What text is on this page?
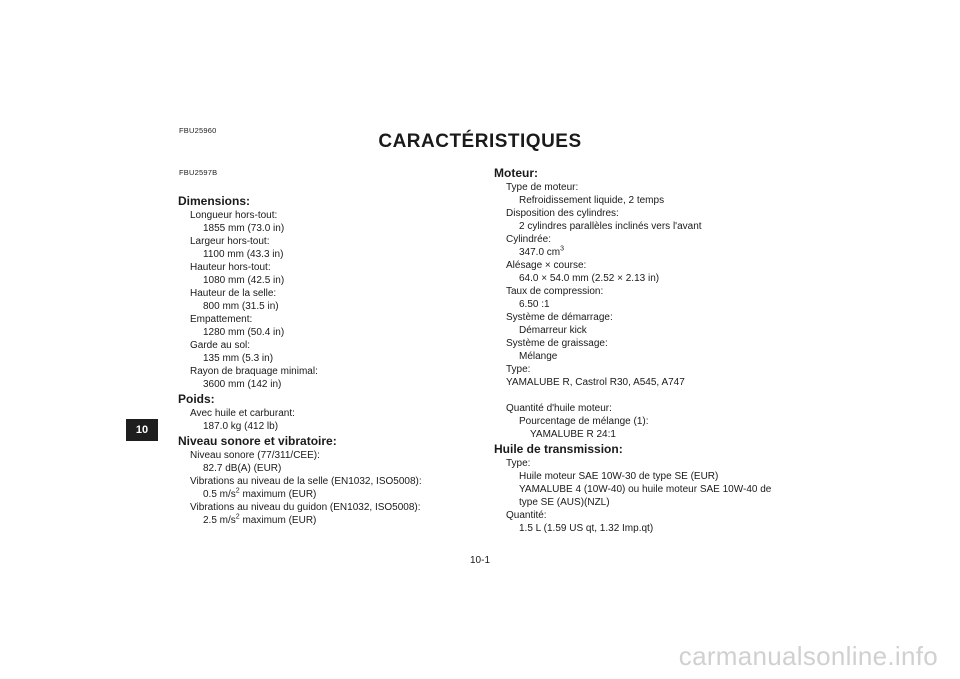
FBU25960
CARACTÉRISTIQUES
FBU2597B
10
Dimensions:
Longueur hors-tout:
1855 mm (73.0 in)
Largeur hors-tout:
1100 mm (43.3 in)
Hauteur hors-tout:
1080 mm (42.5 in)
Hauteur de la selle:
800 mm (31.5 in)
Empattement:
1280 mm (50.4 in)
Garde au sol:
135 mm (5.3 in)
Rayon de braquage minimal:
3600 mm (142 in)
Poids:
Avec huile et carburant:
187.0 kg (412 lb)
Niveau sonore et vibratoire:
Niveau sonore (77/311/CEE):
82.7 dB(A) (EUR)
Vibrations au niveau de la selle (EN1032, ISO5008):
0.5 $m/s^2$ maximum (EUR)
Vibrations au niveau du guidon (EN1032, ISO5008):
2.5 $m/s^2$ maximum (EUR)
Moteur:
Type de moteur:
Refroidissement liquide, 2 temps
Disposition des cylindres:
2 cylindres parallèles inclinés vers l'avant
Cylindrée:
347.0 $cm^3$
Alésage × course:
64.0 × 54.0 mm (2.52 × 2.13 in)
Taux de compression:
6.50 :1
Système de démarrage:
Démarreur kick
Système de graissage:
Mélange
Type:
YAMALUBE R, Castrol R30, A545, A747
Quantité d'huile moteur:
Pourcentage de mélange (1):
YAMALUBE R 24:1
Huile de transmission:
Type:
Huile moteur SAE 10W-30 de type SE (EUR)
YAMALUBE 4 (10W-40) ou huile moteur SAE 10W-40 de
type SE (AUS)(NZL)
Quantité:
1.5 L (1.59 US qt, 1.32 Imp.qt)
10-1
carmanualsonline.info
